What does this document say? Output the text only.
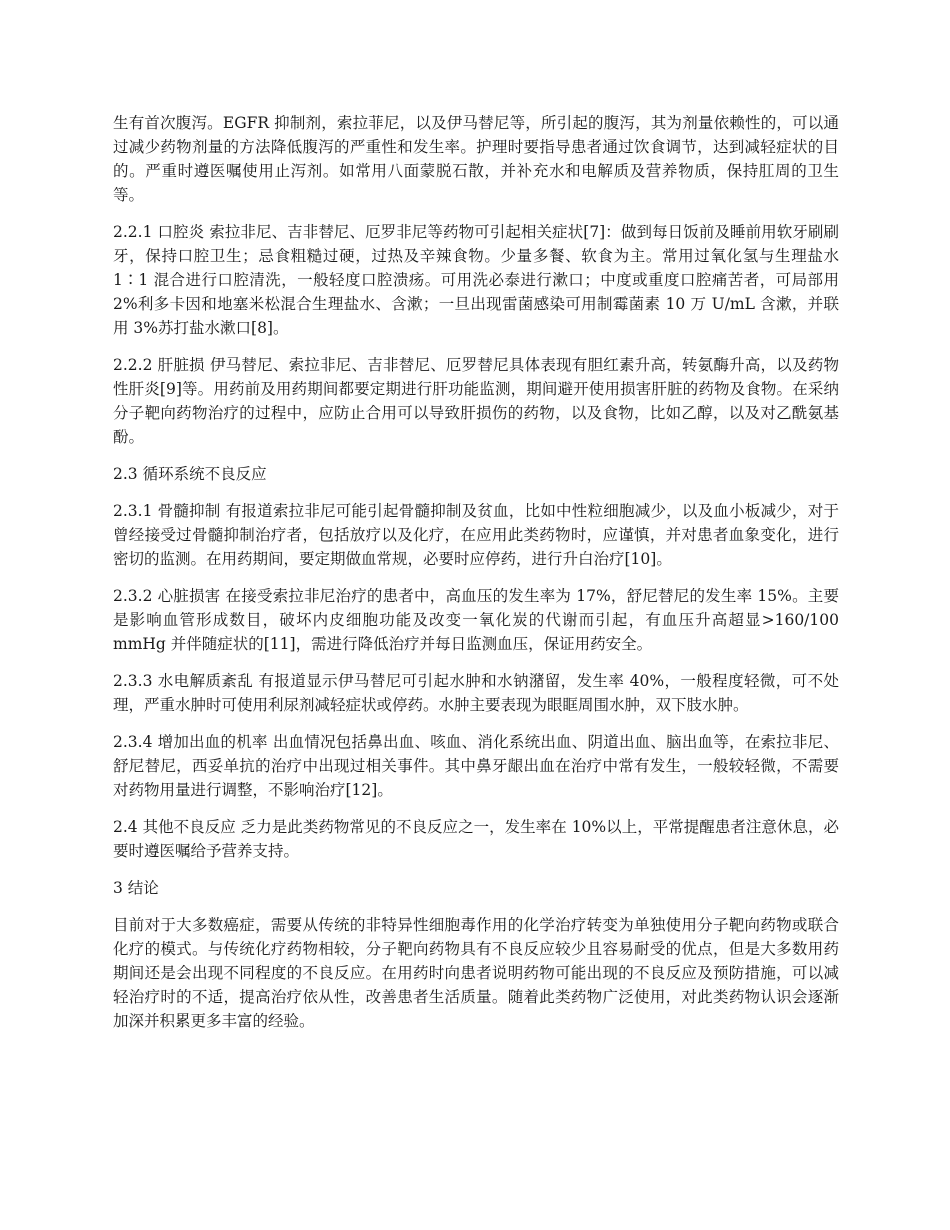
生有首次腹泻。EGFR 抑制剂，索拉菲尼，以及伊马替尼等，所引起的腹泻，其为剂量依赖性的，可以通过减少药物剂量的方法降低腹泻的严重性和发生率。护理时要指导患者通过饮食调节，达到减轻症状的目的。严重时遵医嘱使用止泻剂。如常用八面蒙脱石散，并补充水和电解质及营养物质，保持肛周的卫生等。

2.2.1 口腔炎 索拉非尼、吉非替尼、厄罗非尼等药物可引起相关症状[7]：做到每日饭前及睡前用软牙刷刷牙，保持口腔卫生；忌食粗糙过硬，过热及辛辣食物。少量多餐、软食为主。常用过氧化氢与生理盐水 1∶1 混合进行口腔清洗，一般轻度口腔溃疡。可用洗必泰进行漱口；中度或重度口腔痛苦者，可局部用 2%利多卡因和地塞米松混合生理盐水、含漱；一旦出现雷菌感染可用制霉菌素 10 万 U/mL 含漱，并联用 3%苏打盐水漱口[8]。

2.2.2 肝脏损 伊马替尼、索拉非尼、吉非替尼、厄罗替尼具体表现有胆红素升高，转氨酶升高，以及药物性肝炎[9]等。用药前及用药期间都要定期进行肝功能监测，期间避开使用损害肝脏的药物及食物。在采纳分子靶向药物治疗的过程中，应防止合用可以导致肝损伤的药物，以及食物，比如乙醇，以及对乙酰氨基酚。

2.3 循环系统不良反应

2.3.1 骨髓抑制 有报道索拉非尼可能引起骨髓抑制及贫血，比如中性粒细胞减少，以及血小板减少，对于曾经接受过骨髓抑制治疗者，包括放疗以及化疗，在应用此类药物时，应谨慎，并对患者血象变化，进行密切的监测。在用药期间，要定期做血常规，必要时应停药，进行升白治疗[10]。

2.3.2 心脏损害 在接受索拉非尼治疗的患者中，高血压的发生率为 17%，舒尼替尼的发生率 15%。主要是影响血管形成数目，破坏内皮细胞功能及改变一氧化炭的代谢而引起，有血压升高超显>160/100 mmHg 并伴随症状的[11]，需进行降低治疗并每日监测血压，保证用药安全。

2.3.3 水电解质紊乱 有报道显示伊马替尼可引起水肿和水钠潴留，发生率 40%，一般程度轻微，可不处理，严重水肿时可使用利尿剂减轻症状或停药。水肿主要表现为眼眶周围水肿，双下肢水肿。

2.3.4 增加出血的机率 出血情况包括鼻出血、咳血、消化系统出血、阴道出血、脑出血等，在索拉非尼、舒尼替尼，西妥单抗的治疗中出现过相关事件。其中鼻牙龈出血在治疗中常有发生，一般较轻微，不需要对药物用量进行调整，不影响治疗[12]。

2.4 其他不良反应 乏力是此类药物常见的不良反应之一，发生率在 10%以上，平常提醒患者注意休息，必要时遵医嘱给予营养支持。

3 结论

目前对于大多数癌症，需要从传统的非特异性细胞毒作用的化学治疗转变为单独使用分子靶向药物或联合化疗的模式。与传统化疗药物相较，分子靶向药物具有不良反应较少且容易耐受的优点，但是大多数用药期间还是会出现不同程度的不良反应。在用药时向患者说明药物可能出现的不良反应及预防措施，可以减轻治疗时的不适，提高治疗依从性，改善患者生活质量。随着此类药物广泛使用，对此类药物认识会逐渐加深并积累更多丰富的经验。
